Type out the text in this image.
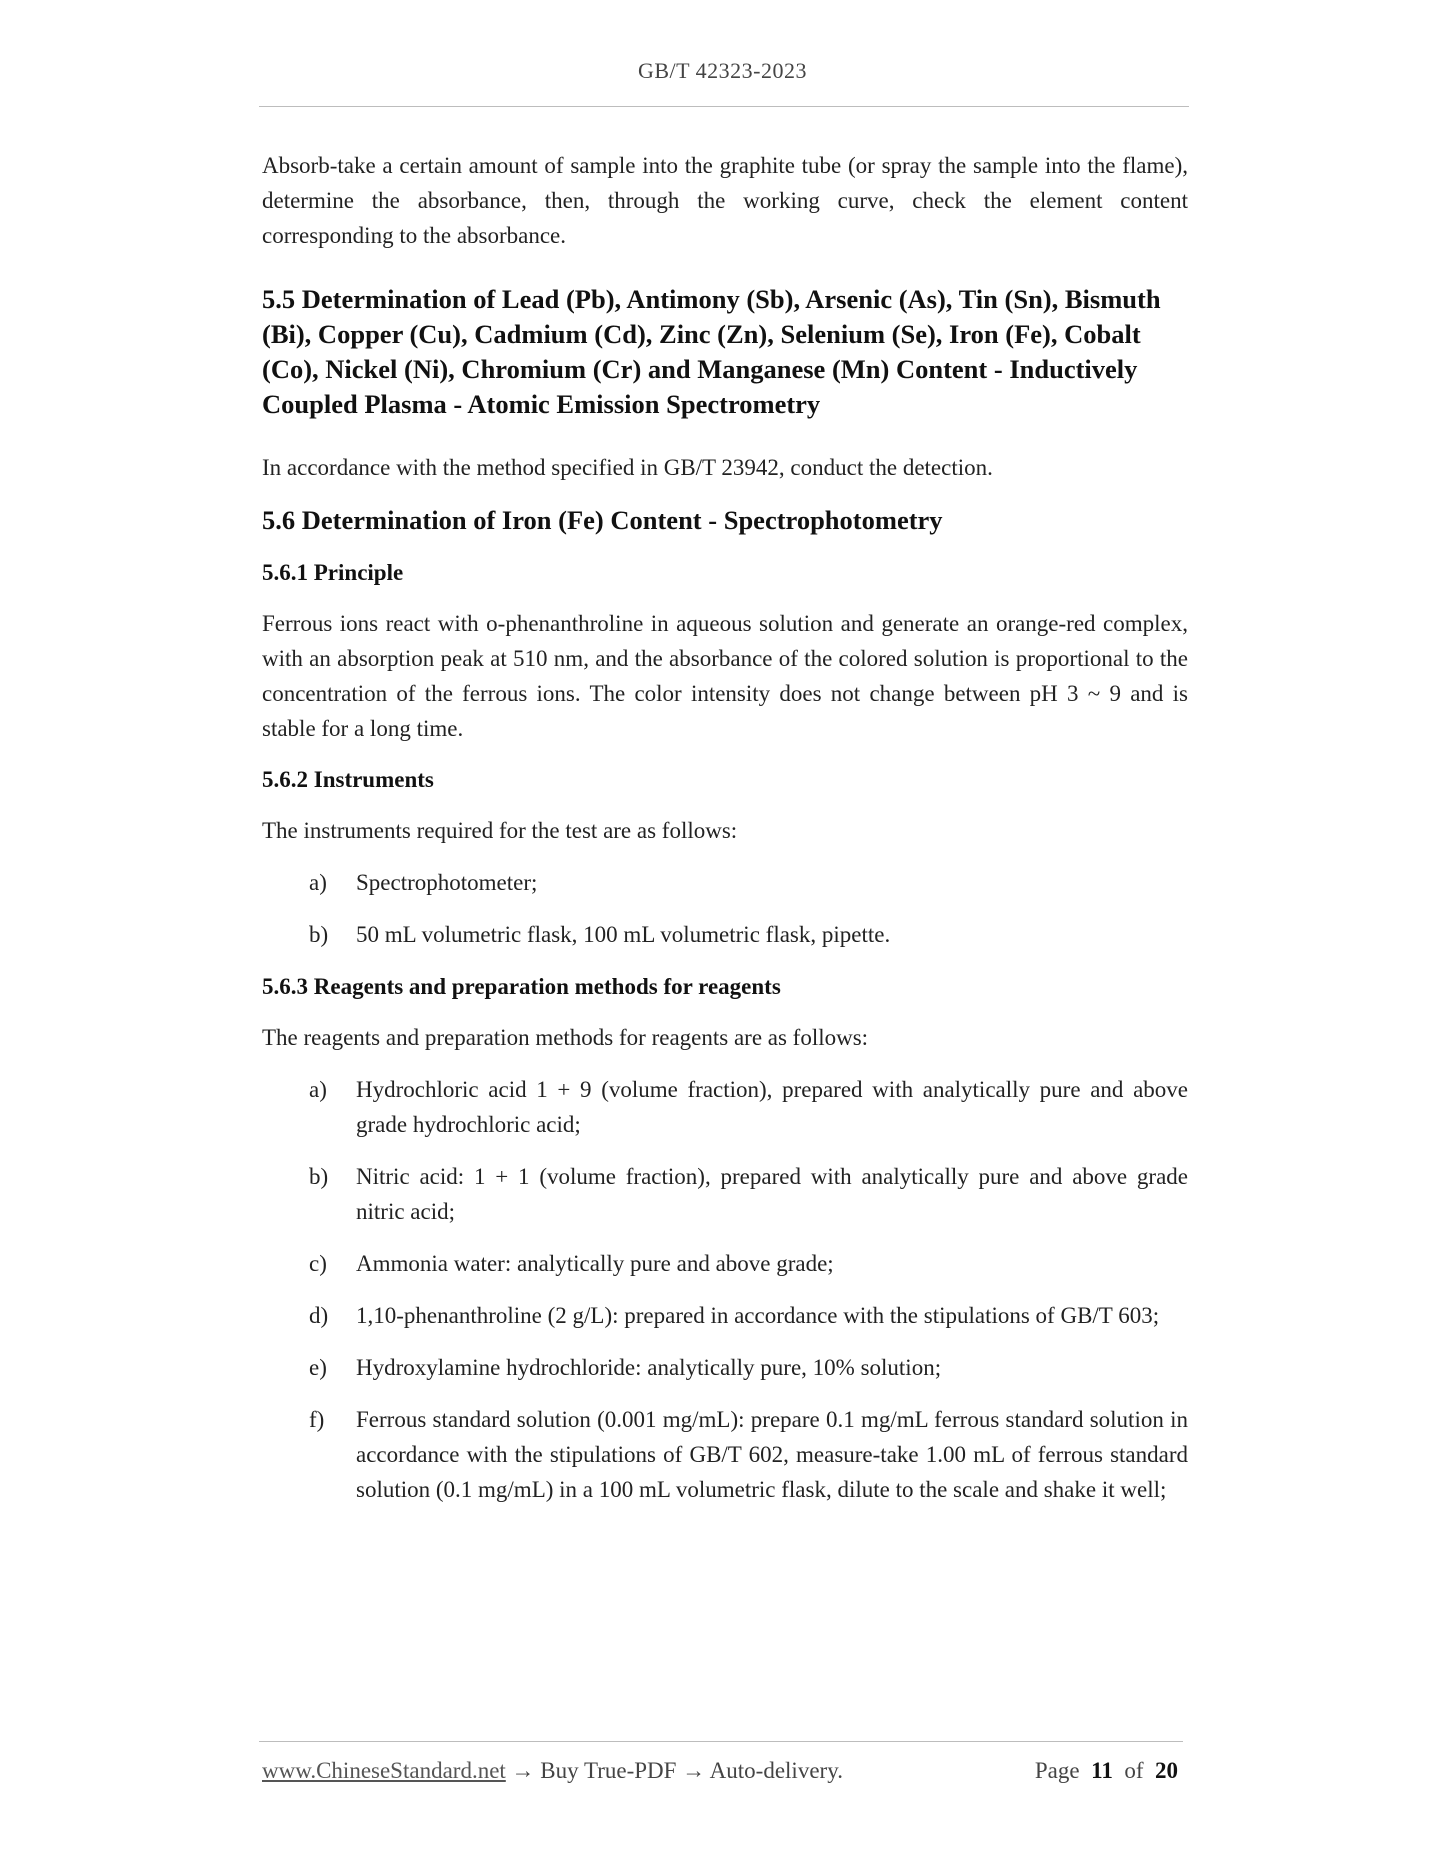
GB/T 42323-2023

Absorb-take a certain amount of sample into the graphite tube (or spray the sample into the flame), determine the absorbance, then, through the working curve, check the element content corresponding to the absorbance.

5.5 Determination of Lead (Pb), Antimony (Sb), Arsenic (As), Tin (Sn), Bismuth (Bi), Copper (Cu), Cadmium (Cd), Zinc (Zn), Selenium (Se), Iron (Fe), Cobalt (Co), Nickel (Ni), Chromium (Cr) and Manganese (Mn) Content - Inductively Coupled Plasma - Atomic Emission Spectrometry

In accordance with the method specified in GB/T 23942, conduct the detection.

5.6 Determination of Iron (Fe) Content - Spectrophotometry
5.6.1 Principle

Ferrous ions react with o-phenanthroline in aqueous solution and generate an orange-red complex, with an absorption peak at 510 nm, and the absorbance of the colored solution is proportional to the concentration of the ferrous ions. The color intensity does not change between pH 3 ~ 9 and is stable for a long time.

5.6.2 Instruments

The instruments required for the test are as follows:

a) Spectrophotometer;
b) 50 mL volumetric flask, 100 mL volumetric flask, pipette.
5.6.3 Reagents and preparation methods for reagents

The reagents and preparation methods for reagents are as follows:

a) Hydrochloric acid 1 + 9 (volume fraction), prepared with analytically pure and above grade hydrochloric acid;
b) Nitric acid: 1 + 1 (volume fraction), prepared with analytically pure and above grade nitric acid;
c) Ammonia water: analytically pure and above grade;
d) 1,10-phenanthroline (2 g/L): prepared in accordance with the stipulations of GB/T 603;
e) Hydroxylamine hydrochloride: analytically pure, 10% solution;
f) Ferrous standard solution (0.001 mg/mL): prepare 0.1 mg/mL ferrous standard solution in accordance with the stipulations of GB/T 602, measure-take 1.00 mL of ferrous standard solution (0.1 mg/mL) in a 100 mL volumetric flask, dilute to the scale and shake it well;
www.ChineseStandard.net → Buy True-PDF → Auto-delivery.	Page 11 of 20
